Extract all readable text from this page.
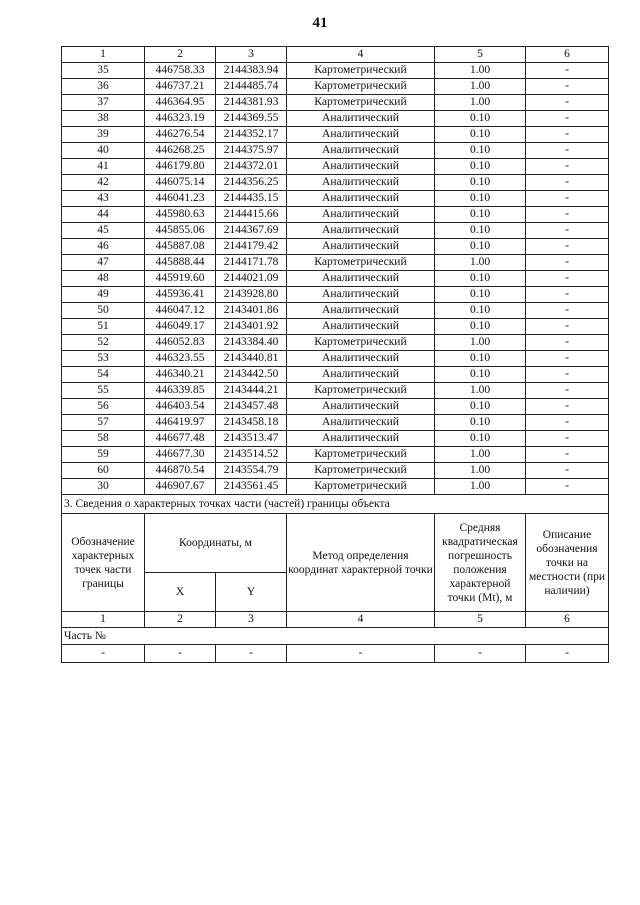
41
1	2	3	4	5	6
35	446758.33	2144383.94	Картометрический	1.00	-
36	446737.21	2144485.74	Картометрический	1.00	-
37	446364.95	2144381.93	Картометрический	1.00	-
38	446323.19	2144369.55	Аналитический	0.10	-
39	446276.54	2144352.17	Аналитический	0.10	-
40	446268.25	2144375.97	Аналитический	0.10	-
41	446179.80	2144372.01	Аналитический	0.10	-
42	446075.14	2144356.25	Аналитический	0.10	-
43	446041.23	2144435.15	Аналитический	0.10	-
44	445980.63	2144415.66	Аналитический	0.10	-
45	445855.06	2144367.69	Аналитический	0.10	-
46	445887.08	2144179.42	Аналитический	0.10	-
47	445888.44	2144171.78	Картометрический	1.00	-
48	445919.60	2144021.09	Аналитический	0.10	-
49	445936.41	2143928.80	Аналитический	0.10	-
50	446047.12	2143401.86	Аналитический	0.10	-
51	446049.17	2143401.92	Аналитический	0.10	-
52	446052.83	2143384.40	Картометрический	1.00	-
53	446323.55	2143440.81	Аналитический	0.10	-
54	446340.21	2143442.50	Аналитический	0.10	-
55	446339.85	2143444.21	Картометрический	1.00	-
56	446403.54	2143457.48	Аналитический	0.10	-
57	446419.97	2143458.18	Аналитический	0.10	-
58	446677.48	2143513.47	Аналитический	0.10	-
59	446677.30	2143514.52	Картометрический	1.00	-
60	446870.54	2143554.79	Картометрический	1.00	-
30	446907.67	2143561.45	Картометрический	1.00	-
3. Сведения о характерных точках части (частей) границы объекта					
Обозначение характерных точек части границы	Координаты, м		Метод определения координат характерной точки	Средняя квадратическая погрешность положения характерной точки (Mt), м	Описание обозначения точки на местности (при наличии)
	X	Y			
1	2	3	4	5	6
Часть №					
-	-	-	-	-	-
